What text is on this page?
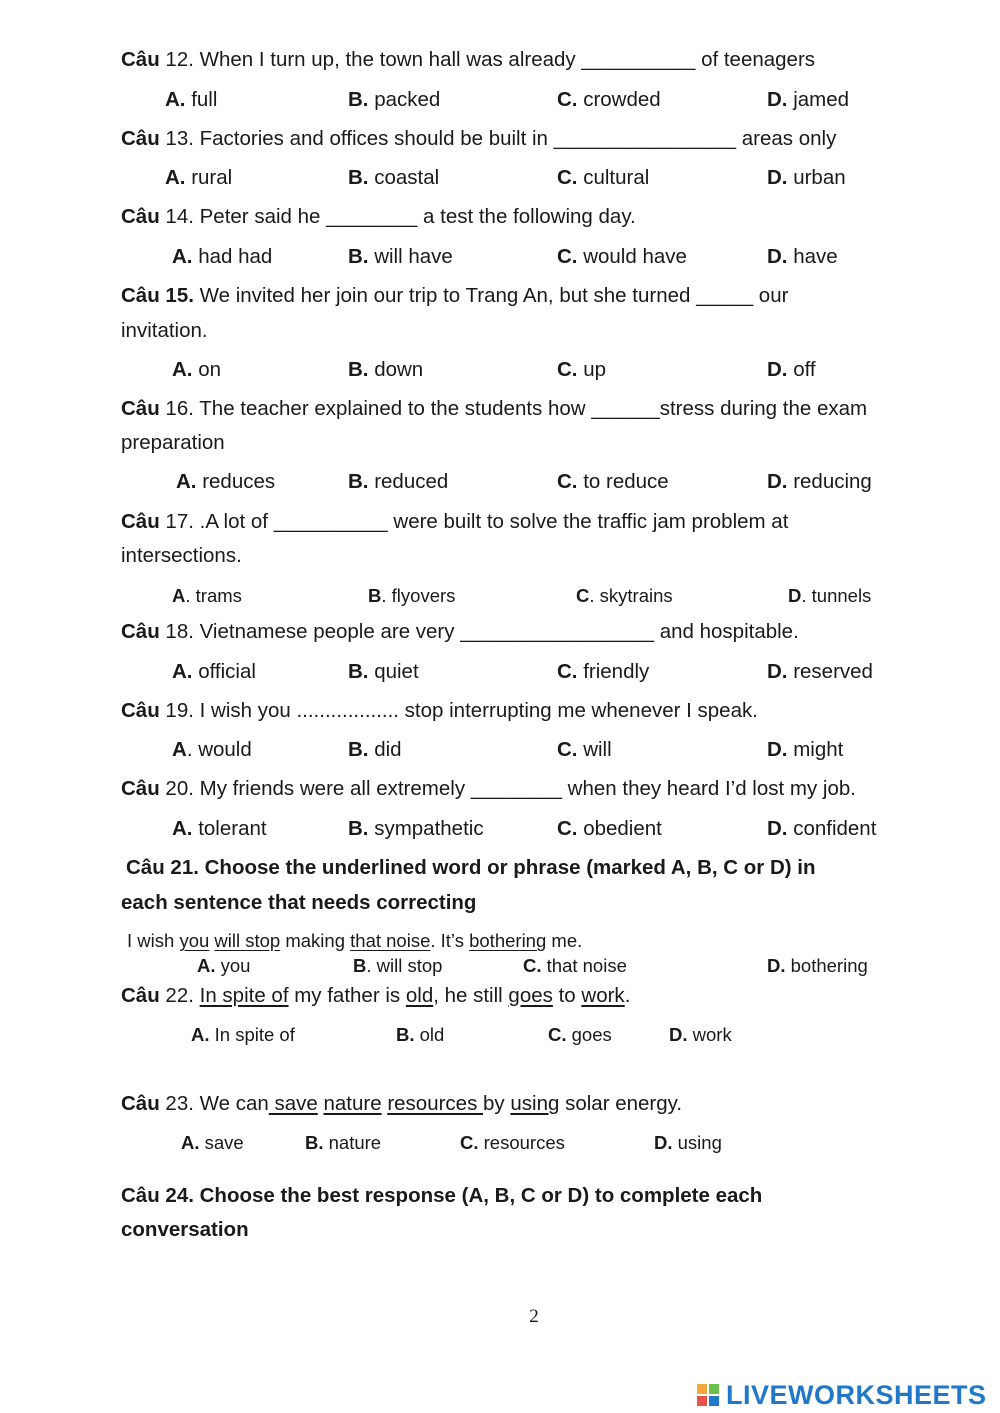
Câu 12. When I turn up, the town hall was already __________ of teenagers
A. full	B. packed	C. crowded	D. jamed
Câu 13. Factories and offices should be built in ________________ areas only
A. rural	B. coastal	C. cultural	D. urban
Câu 14. Peter said he ________ a test the following day.
A. had had	B. will have	C. would have	D. have
Câu 15. We invited her join our trip to Trang An, but she turned _____ our
invitation.
A. on	B. down	C. up	D. off
Câu 16. The teacher explained to the students how ______stress during the exam
preparation
A. reduces	B. reduced	C. to reduce	D. reducing
Câu 17. .A lot of __________ were built to solve the traffic jam problem at
intersections.
A. trams	B. flyovers	C. skytrains	D. tunnels
Câu 18. Vietnamese people are very _________________ and hospitable.
A. official	B. quiet	C. friendly	D. reserved
Câu 19. I wish you .................. stop interrupting me whenever I speak.
A. would	B. did	C. will	D. might
Câu 20. My friends were all extremely ________ when they heard I’d lost my job.
A. tolerant	B. sympathetic	C. obedient	D. confident
Câu 21. Choose the underlined word or phrase (marked A, B, C or D) in
each sentence that needs correcting
I wish you will stop making that noise. It’s bothering me.
A. you	B. will stop	C. that noise	D. bothering
Câu 22. In spite of my father is old, he still goes to work.
A. In spite of	B. old	C. goes	D. work
Câu 23. We can save nature resources by using solar energy.
A. save	B. nature	C. resources	D. using
Câu 24. Choose the best response (A, B, C or D) to complete each
conversation
2
LIVEWORKSHEETS
